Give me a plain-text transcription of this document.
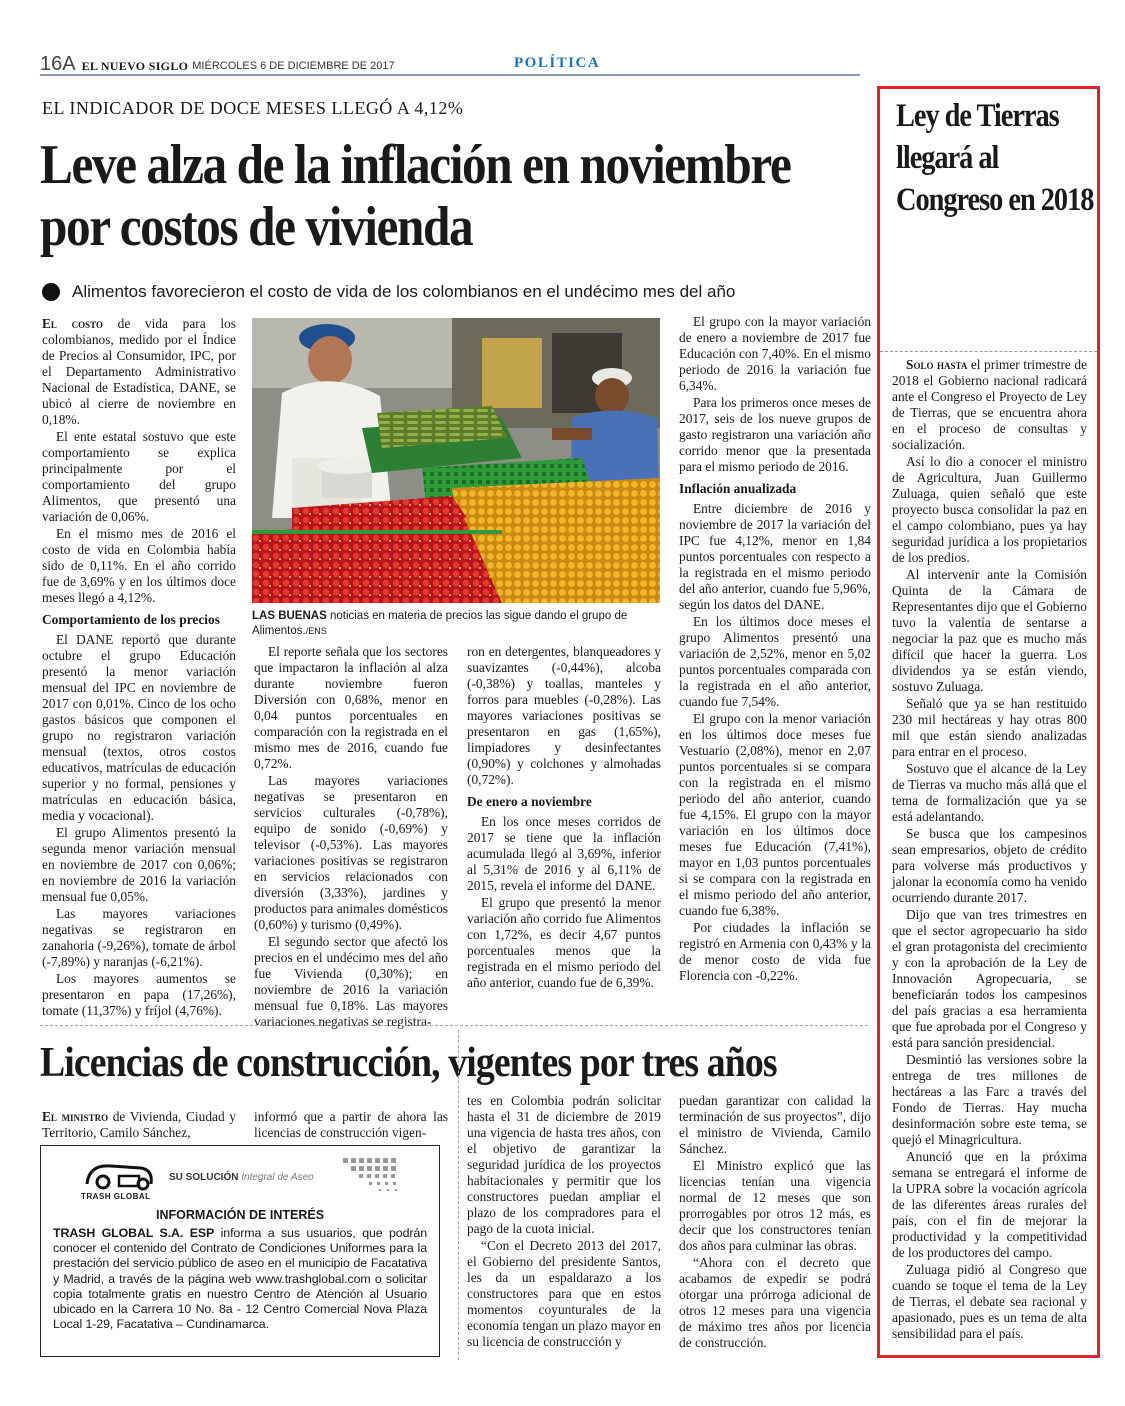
16A EL NUEVO SIGLO MIÉRCOLES 6 DE DICIEMBRE DE 2017	POLÍTICA
EL INDICADOR DE DOCE MESES LLEGÓ A 4,12%
Leve alza de la inflación en noviembre por costos de vivienda
Alimentos favorecieron el costo de vida de los colombianos en el undécimo mes del año

El costo de vida para los colombianos, medido por el Índice de Precios al Consumidor, IPC, por el Departamento Administrativo Nacional de Estadística, DANE, se ubicó al cierre de noviembre en 0,18%.

El ente estatal sostuvo que este comportamiento se explica principalmente por el comportamiento del grupo Alimentos, que presentó una variación de 0,06%.

En el mismo mes de 2016 el costo de vida en Colombia había sido de 0,11%. En el año corrido fue de 3,69% y en los últimos doce meses llegó a 4,12%.

Comportamiento de los precios

El DANE reportó que durante octubre el grupo Educación presentó la menor variación mensual del IPC en noviembre de 2017 con 0,01%. Cinco de los ocho gastos básicos que componen el grupo no registraron variación mensual (textos, otros costos educativos, matrículas de educación superior y no formal, pensiones y matrículas en educación básica, media y vocacional).

El grupo Alimentos presentó la segunda menor variación mensual en noviembre de 2017 con 0,06%; en noviembre de 2016 la variación mensual fue 0,05%.

Las mayores variaciones negativas se registraron en zanahoria (-9,26%), tomate de árbol (-7,89%) y naranjas (-6,21%).

Los mayores aumentos se presentaron en papa (17,26%), tomate (11,37%) y fríjol (4,76%).

LAS BUENAS noticias en materia de precios las sigue dando el grupo de Alimentos./ENS

El reporte señala que los sectores que impactaron la inflación al alza durante noviembre fueron Diversión con 0,68%, menor en 0,04 puntos porcentuales en comparación con la registrada en el mismo mes de 2016, cuando fue 0,72%.

Las mayores variaciones negativas se presentaron en servicios culturales (-0,78%), equipo de sonido (-0,69%) y televisor (-0,53%). Las mayores variaciones positivas se registraron en servicios relacionados con diversión (3,33%), jardines y productos para animales domésticos (0,60%) y turismo (0,49%).

El segundo sector que afectó los precios en el undécimo mes del año fue Vivienda (0,30%); en noviembre de 2016 la variación mensual fue 0,18%. Las mayores variaciones negativas se registra-

ron en detergentes, blanqueadores y suavizantes (-0,44%), alcoba (-0,38%) y toallas, manteles y forros para muebles (-0,28%). Las mayores variaciones positivas se presentaron en gas (1,65%), limpiadores y desinfectantes (0,90%) y colchones y almohadas (0,72%).

De enero a noviembre

En los once meses corridos de 2017 se tiene que la inflación acumulada llegó al 3,69%, inferior al 5,31% de 2016 y al 6,11% de 2015, revela el informe del DANE.

El grupo que presentó la menor variación año corrido fue Alimentos con 1,72%, es decir 4,67 puntos porcentuales menos que la registrada en el mismo periodo del año anterior, cuando fue de 6,39%.

El grupo con la mayor variación de enero a noviembre de 2017 fue Educación con 7,40%. En el mismo periodo de 2016 la variación fue 6,34%.

Para los primeros once meses de 2017, seis de los nueve grupos de gasto registraron una variación año corrido menor que la presentada para el mismo periodo de 2016.

Inflación anualizada

Entre diciembre de 2016 y noviembre de 2017 la variación del IPC fue 4,12%, menor en 1,84 puntos porcentuales con respecto a la registrada en el mismo periodo del año anterior, cuando fue 5,96%, según los datos del DANE.

En los últimos doce meses el grupo Alimentos presentó una variación de 2,52%, menor en 5,02 puntos porcentuales comparada con la registrada en el año anterior, cuando fue 7,54%.

El grupo con la menor variación en los últimos doce meses fue Vestuario (2,08%), menor en 2,07 puntos porcentuales si se compara con la registrada en el mismo periodo del año anterior, cuando fue 4,15%. El grupo con la mayor variación en los últimos doce meses fue Educación (7,41%), mayor en 1,03 puntos porcentuales si se compara con la registrada en el mismo periodo del año anterior, cuando fue 6,38%.

Por ciudades la inflación se registró en Armenia con 0,43% y la de menor costo de vida fue Florencia con -0,22%.

Licencias de construcción, vigentes por tres años

El ministro de Vivienda, Ciudad y Territorio, Camilo Sánchez,

informó que a partir de ahora las licencias de construcción vigen-

tes en Colombia podrán solicitar hasta el 31 de diciembre de 2019 una vigencia de hasta tres años, con el objetivo de garantizar la seguridad jurídica de los proyectos habitacionales y permitir que los constructores puedan ampliar el plazo de los compradores para el pago de la cuota inicial.

“Con el Decreto 2013 del 2017, el Gobierno del presidente Santos, les da un espaldarazo a los constructores para que en estos momentos coyunturales de la economía tengan un plazo mayor en su licencia de construcción y

puedan garantizar con calidad la terminación de sus proyectos”, dijo el ministro de Vivienda, Camilo Sánchez.

El Ministro explicó que las licencias tenían una vigencia normal de 12 meses que son prorrogables por otros 12 más, es decir que los constructores tenían dos años para culminar las obras.

“Ahora con el decreto que acabamos de expedir se podrá otorgar una prórroga adicional de otros 12 meses para una vigencia de máximo tres años por licencia de construcción.

TRASH GLOBAL
SU SOLUCIÓN Integral de Aseo
INFORMACIÓN DE INTERÉS
TRASH GLOBAL S.A. ESP informa a sus usuarios, que podrán conocer el contenido del Contrato de Condiciones Uniformes para la prestación del servicio público de aseo en el municipio de Facatativa y Madrid, a través de la página web www.trashglobal.com o solicitar copia totalmente gratis en nuestro Centro de Atención al Usuario ubicado en la Carrera 10 No. 8a - 12 Centro Comercial Nova Plaza Local 1-29, Facatativa – Cundinamarca.
Ley de Tierras llegará al Congreso en 2018

Solo hasta el primer trimestre de 2018 el Gobierno nacional radicará ante el Congreso el Proyecto de Ley de Tierras, que se encuentra ahora en el proceso de consultas y socialización.

Así lo dio a conocer el ministro de Agricultura, Juan Guillermo Zuluaga, quien señaló que este proyecto busca consolidar la paz en el campo colombiano, pues ya hay seguridad jurídica a los propietarios de los predios.

Al intervenir ante la Comisión Quinta de la Cámara de Representantes dijo que el Gobierno tuvo la valentía de sentarse a negociar la paz que es mucho más difícil que hacer la guerra. Los dividendos ya se están viendo, sostuvo Zuluaga.

Señaló que ya se han restituido 230 mil hectáreas y hay otras 800 mil que están siendo analizadas para entrar en el proceso.

Sostuvo que el alcance de la Ley de Tierras va mucho más allá que el tema de formalización que ya se está adelantando.

Se busca que los campesinos sean empresarios, objeto de crédito para volverse más productivos y jalonar la economía como ha venido ocurriendo durante 2017.

Dijo que van tres trimestres en que el sector agropecuario ha sido el gran protagonista del crecimiento y con la aprobación de la Ley de Innovación Agropecuaria, se beneficiarán todos los campesinos del país gracias a esa herramienta que fue aprobada por el Congreso y está para sanción presidencial.

Desmintió las versiones sobre la entrega de tres millones de hectáreas a las Farc a través del Fondo de Tierras. Hay mucha desinformación sobre este tema, se quejó el Minagricultura.

Anunció que en la próxima semana se entregará el informe de la UPRA sobre la vocación agrícola de las diferentes áreas rurales del país, con el fin de mejorar la productividad y la competitividad de los productores del campo.

Zuluaga pidió al Congreso que cuando se toque el tema de la Ley de Tierras, el debate sea racional y apasionado, pues es un tema de alta sensibilidad para el país.
